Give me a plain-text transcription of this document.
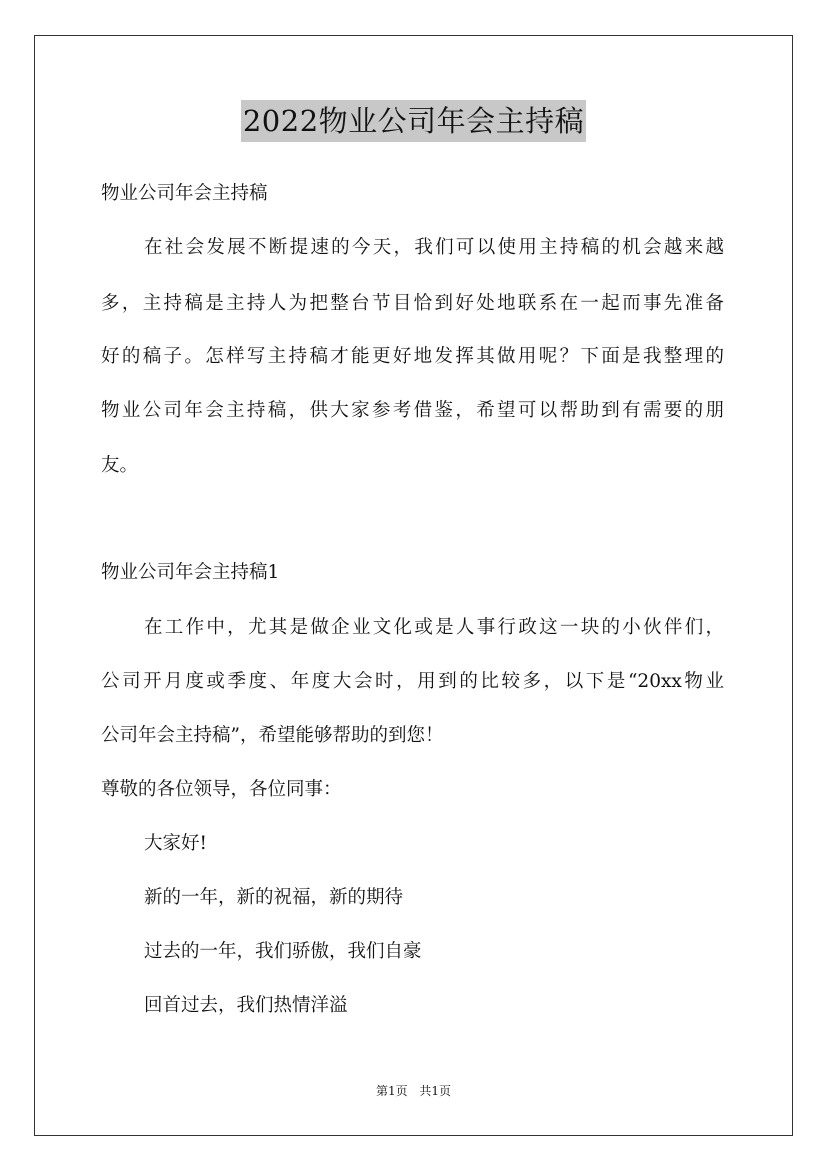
2022物业公司年会主持稿
物业公司年会主持稿
在社会发展不断提速的今天，我们可以使用主持稿的机会越来越
多，主持稿是主持人为把整台节目恰到好处地联系在一起而事先准备
好的稿子。怎样写主持稿才能更好地发挥其做用呢？下面是我整理的
物业公司年会主持稿，供大家参考借鉴，希望可以帮助到有需要的朋
友。
物业公司年会主持稿1
在工作中，尤其是做企业文化或是人事行政这一块的小伙伴们，
公司开月度或季度、年度大会时，用到的比较多，以下是“20xx物业
公司年会主持稿”，希望能够帮助的到您！
尊敬的各位领导，各位同事：
大家好!
新的一年，新的祝福，新的期待
过去的一年，我们骄傲，我们自豪
回首过去，我们热情洋溢
第1页 共1页
